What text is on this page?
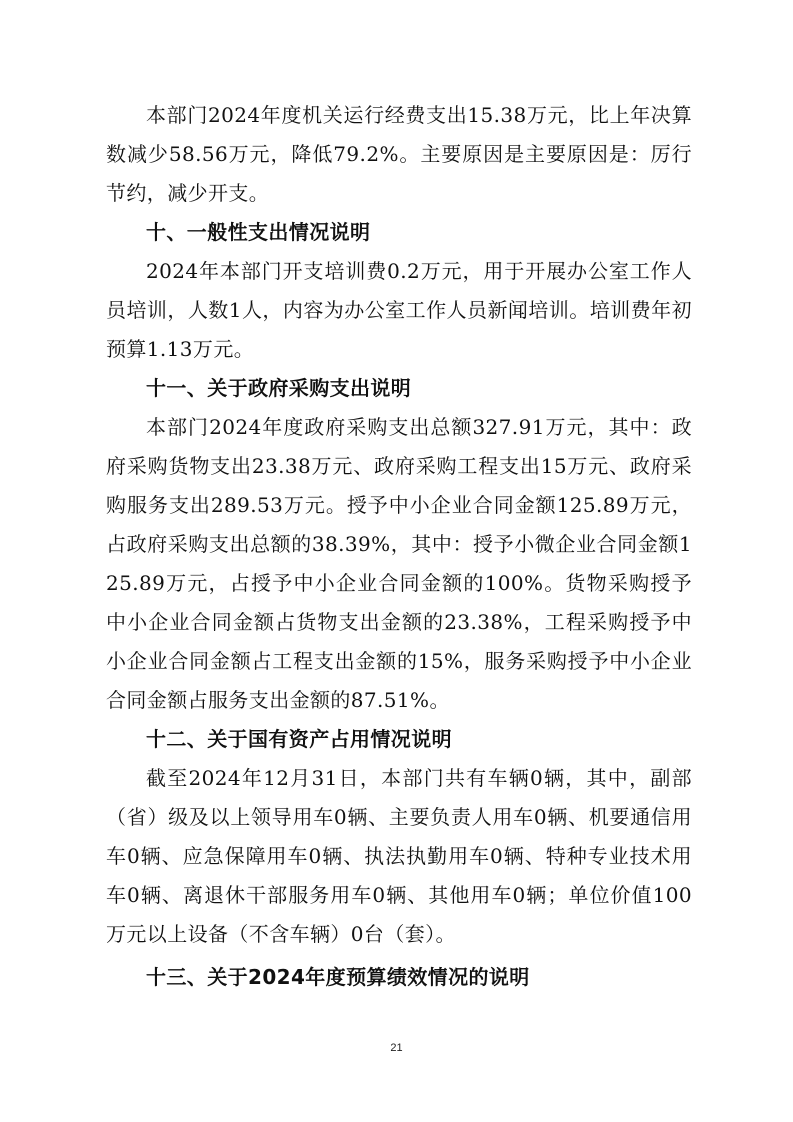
本部门2024年度机关运行经费支出15.38万元，比上年决算数减少58.56万元，降低79.2%。主要原因是主要原因是：厉行节约，减少开支。

十、一般性支出情况说明

2024年本部门开支培训费0.2万元，用于开展办公室工作人员培训，人数1人，内容为办公室工作人员新闻培训。培训费年初预算1.13万元。

十一、关于政府采购支出说明

本部门2024年度政府采购支出总额327.91万元，其中：政府采购货物支出23.38万元、政府采购工程支出15万元、政府采购服务支出289.53万元。授予中小企业合同金额125.89万元，占政府采购支出总额的38.39%，其中：授予小微企业合同金额125.89万元，占授予中小企业合同金额的100%。货物采购授予中小企业合同金额占货物支出金额的23.38%，工程采购授予中小企业合同金额占工程支出金额的15%，服务采购授予中小企业合同金额占服务支出金额的87.51%。

十二、关于国有资产占用情况说明

截至2024年12月31日，本部门共有车辆0辆，其中，副部（省）级及以上领导用车0辆、主要负责人用车0辆、机要通信用车0辆、应急保障用车0辆、执法执勤用车0辆、特种专业技术用车0辆、离退休干部服务用车0辆、其他用车0辆；单位价值100万元以上设备（不含车辆）0台（套）。

十三、关于2024年度预算绩效情况的说明
21
